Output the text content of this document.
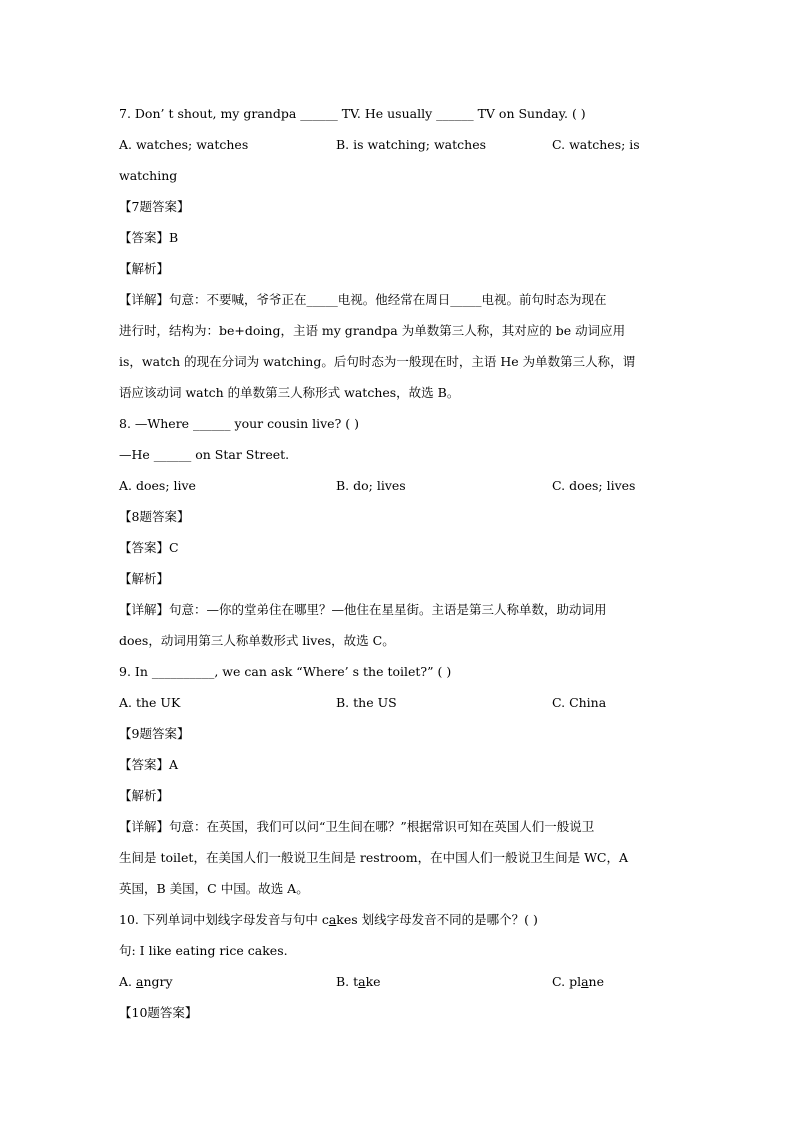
7. Don’ t shout, my grandpa ______ TV. He usually ______ TV on Sunday. ( )
A. watches; watches	B. is watching; watches	C. watches; is
watching
【7题答案】
【答案】B
【解析】
【详解】句意：不要喊，爷爷正在_____电视。他经常在周日_____电视。前句时态为现在
进行时，结构为：be+doing，主语 my grandpa 为单数第三人称，其对应的 be 动词应用
is，watch 的现在分词为 watching。后句时态为一般现在时，主语 He 为单数第三人称，谓
语应该动词 watch 的单数第三人称形式 watches，故选 B。
8. —Where ______ your cousin live? ( )
—He ______ on Star Street.
A. does; live	B. do; lives	C. does; lives
【8题答案】
【答案】C
【解析】
【详解】句意：—你的堂弟住在哪里？—他住在星星街。主语是第三人称单数，助动词用
does，动词用第三人称单数形式 lives，故选 C。
9. In __________, we can ask “Where’ s the toilet?” ( )
A. the UK	B. the US	C. China
【9题答案】
【答案】A
【解析】
【详解】句意：在英国，我们可以问“卫生间在哪？”根据常识可知在英国人们一般说卫
生间是 toilet，在美国人们一般说卫生间是 restroom，在中国人们一般说卫生间是 WC，A
英国，B 美国，C 中国。故选 A。
10. 下列单词中划线字母发音与句中 cakes 划线字母发音不同的是哪个？( )
句: I like eating rice cakes.
A. angry	B. take	C. plane
【10题答案】
